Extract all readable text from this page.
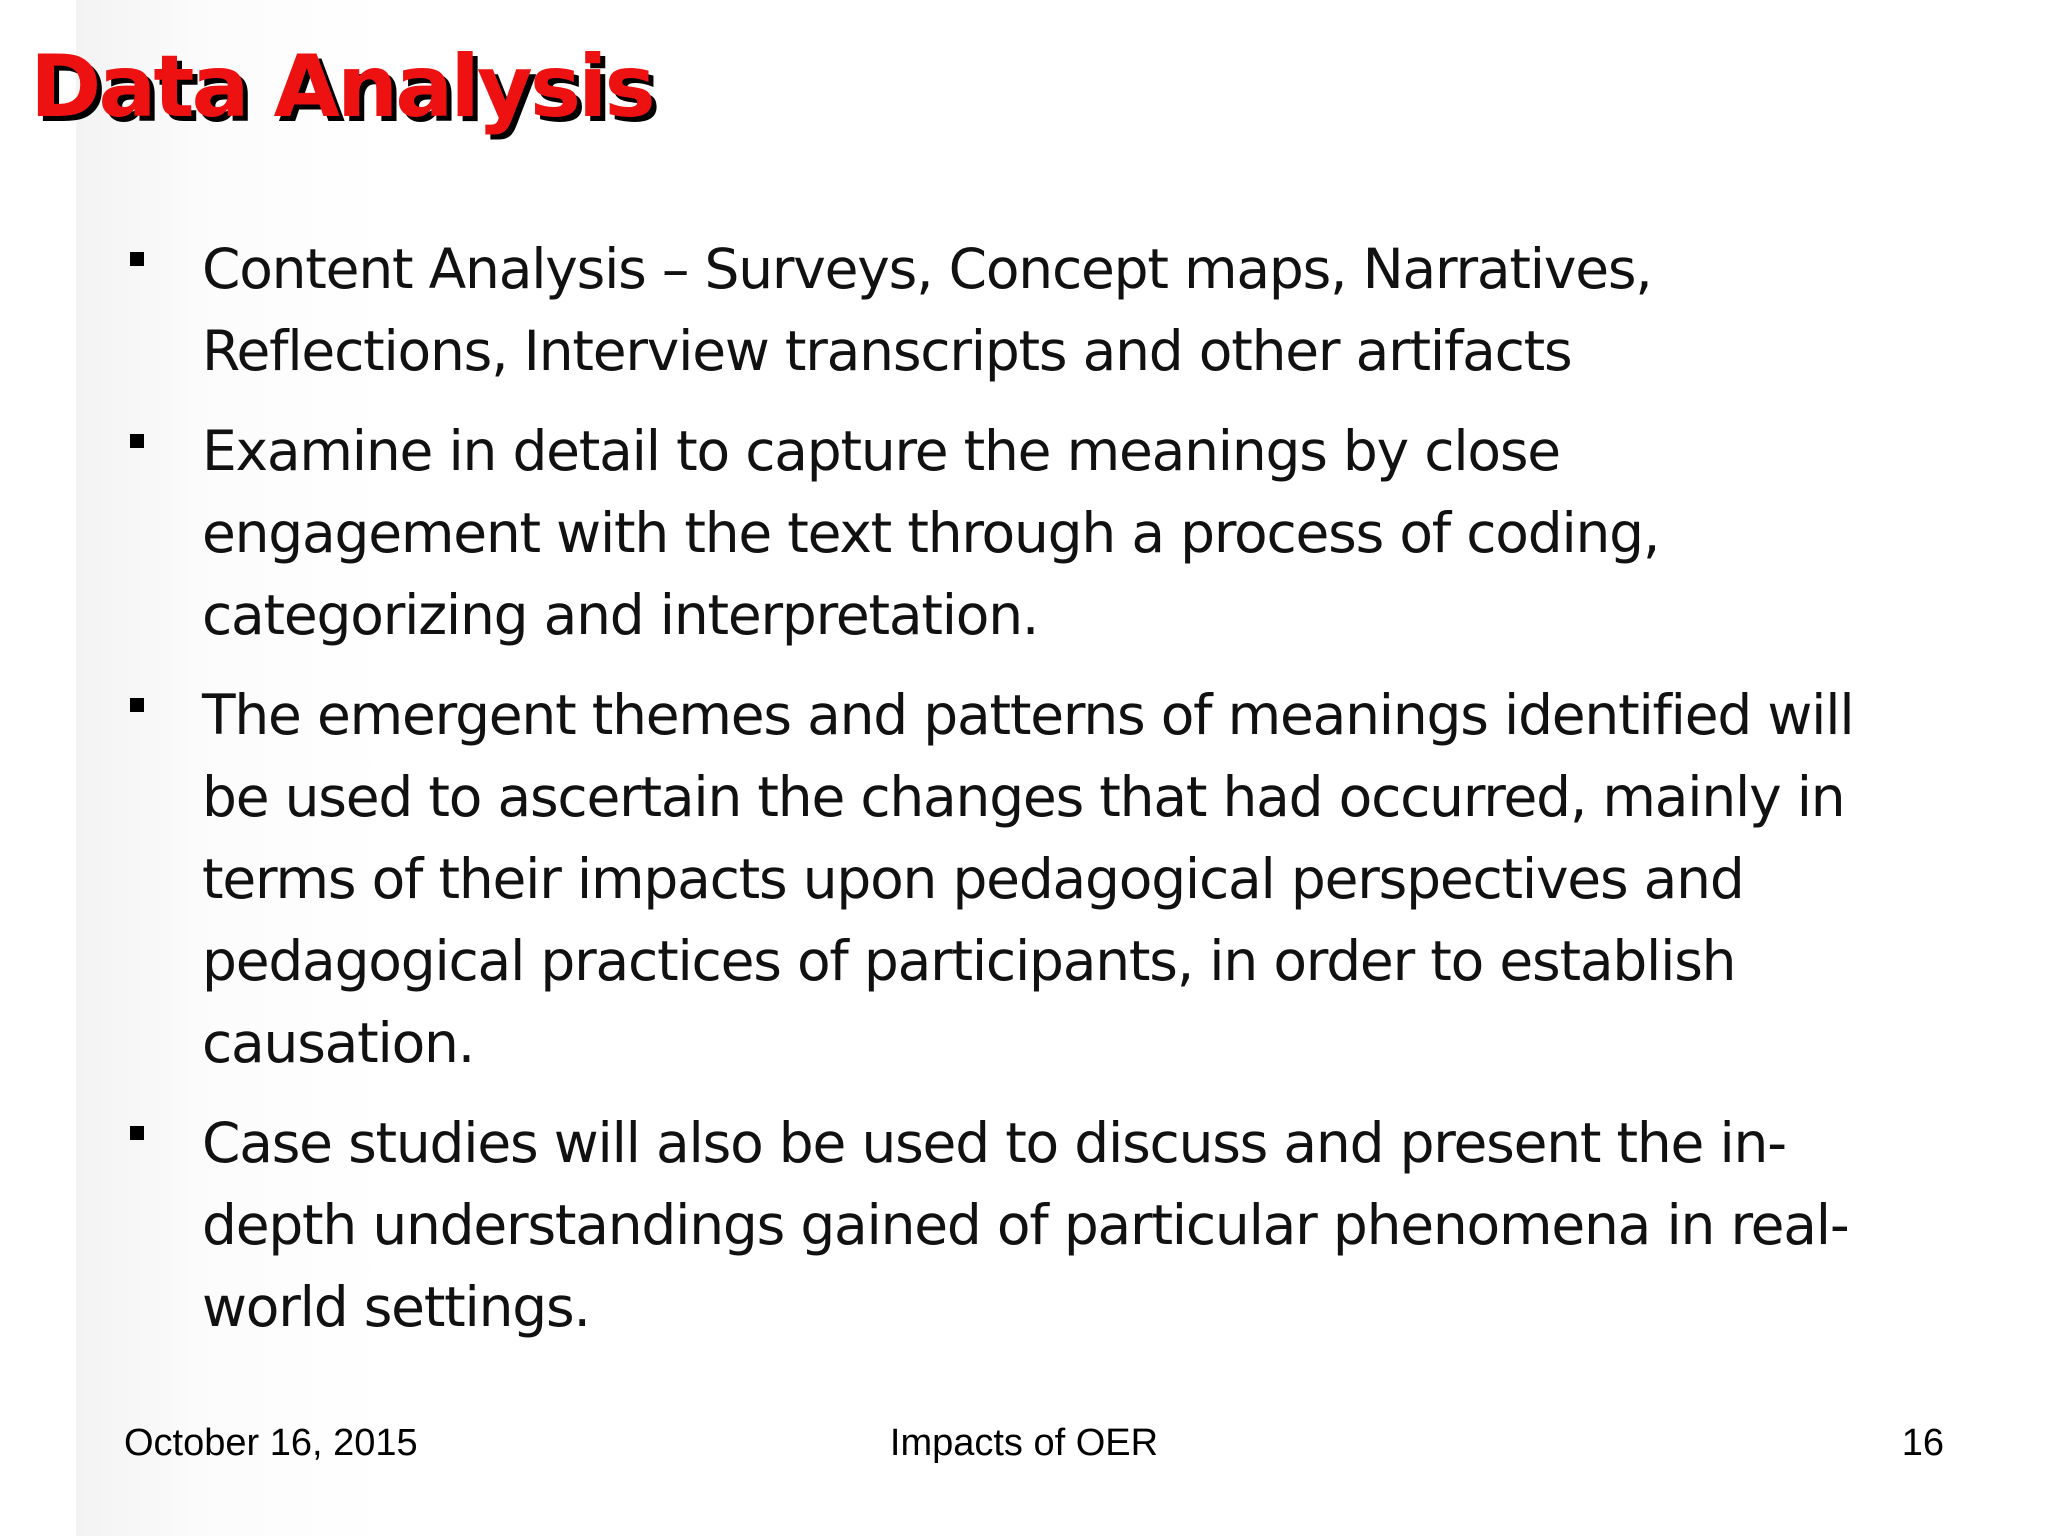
Data Analysis
Content Analysis – Surveys, Concept maps, Narratives, Reflections, Interview transcripts and other artifacts
Examine in detail to capture the meanings by close engagement with the text through a process of coding, categorizing and interpretation.
The emergent themes and patterns of meanings identified will be used to ascertain the changes that had occurred, mainly in terms of their impacts upon pedagogical perspectives and pedagogical practices of participants, in order to establish causation.
Case studies will also be used to discuss and present the in-depth understandings gained of particular phenomena in real-world settings.
October 16, 2015	Impacts of OER	16
